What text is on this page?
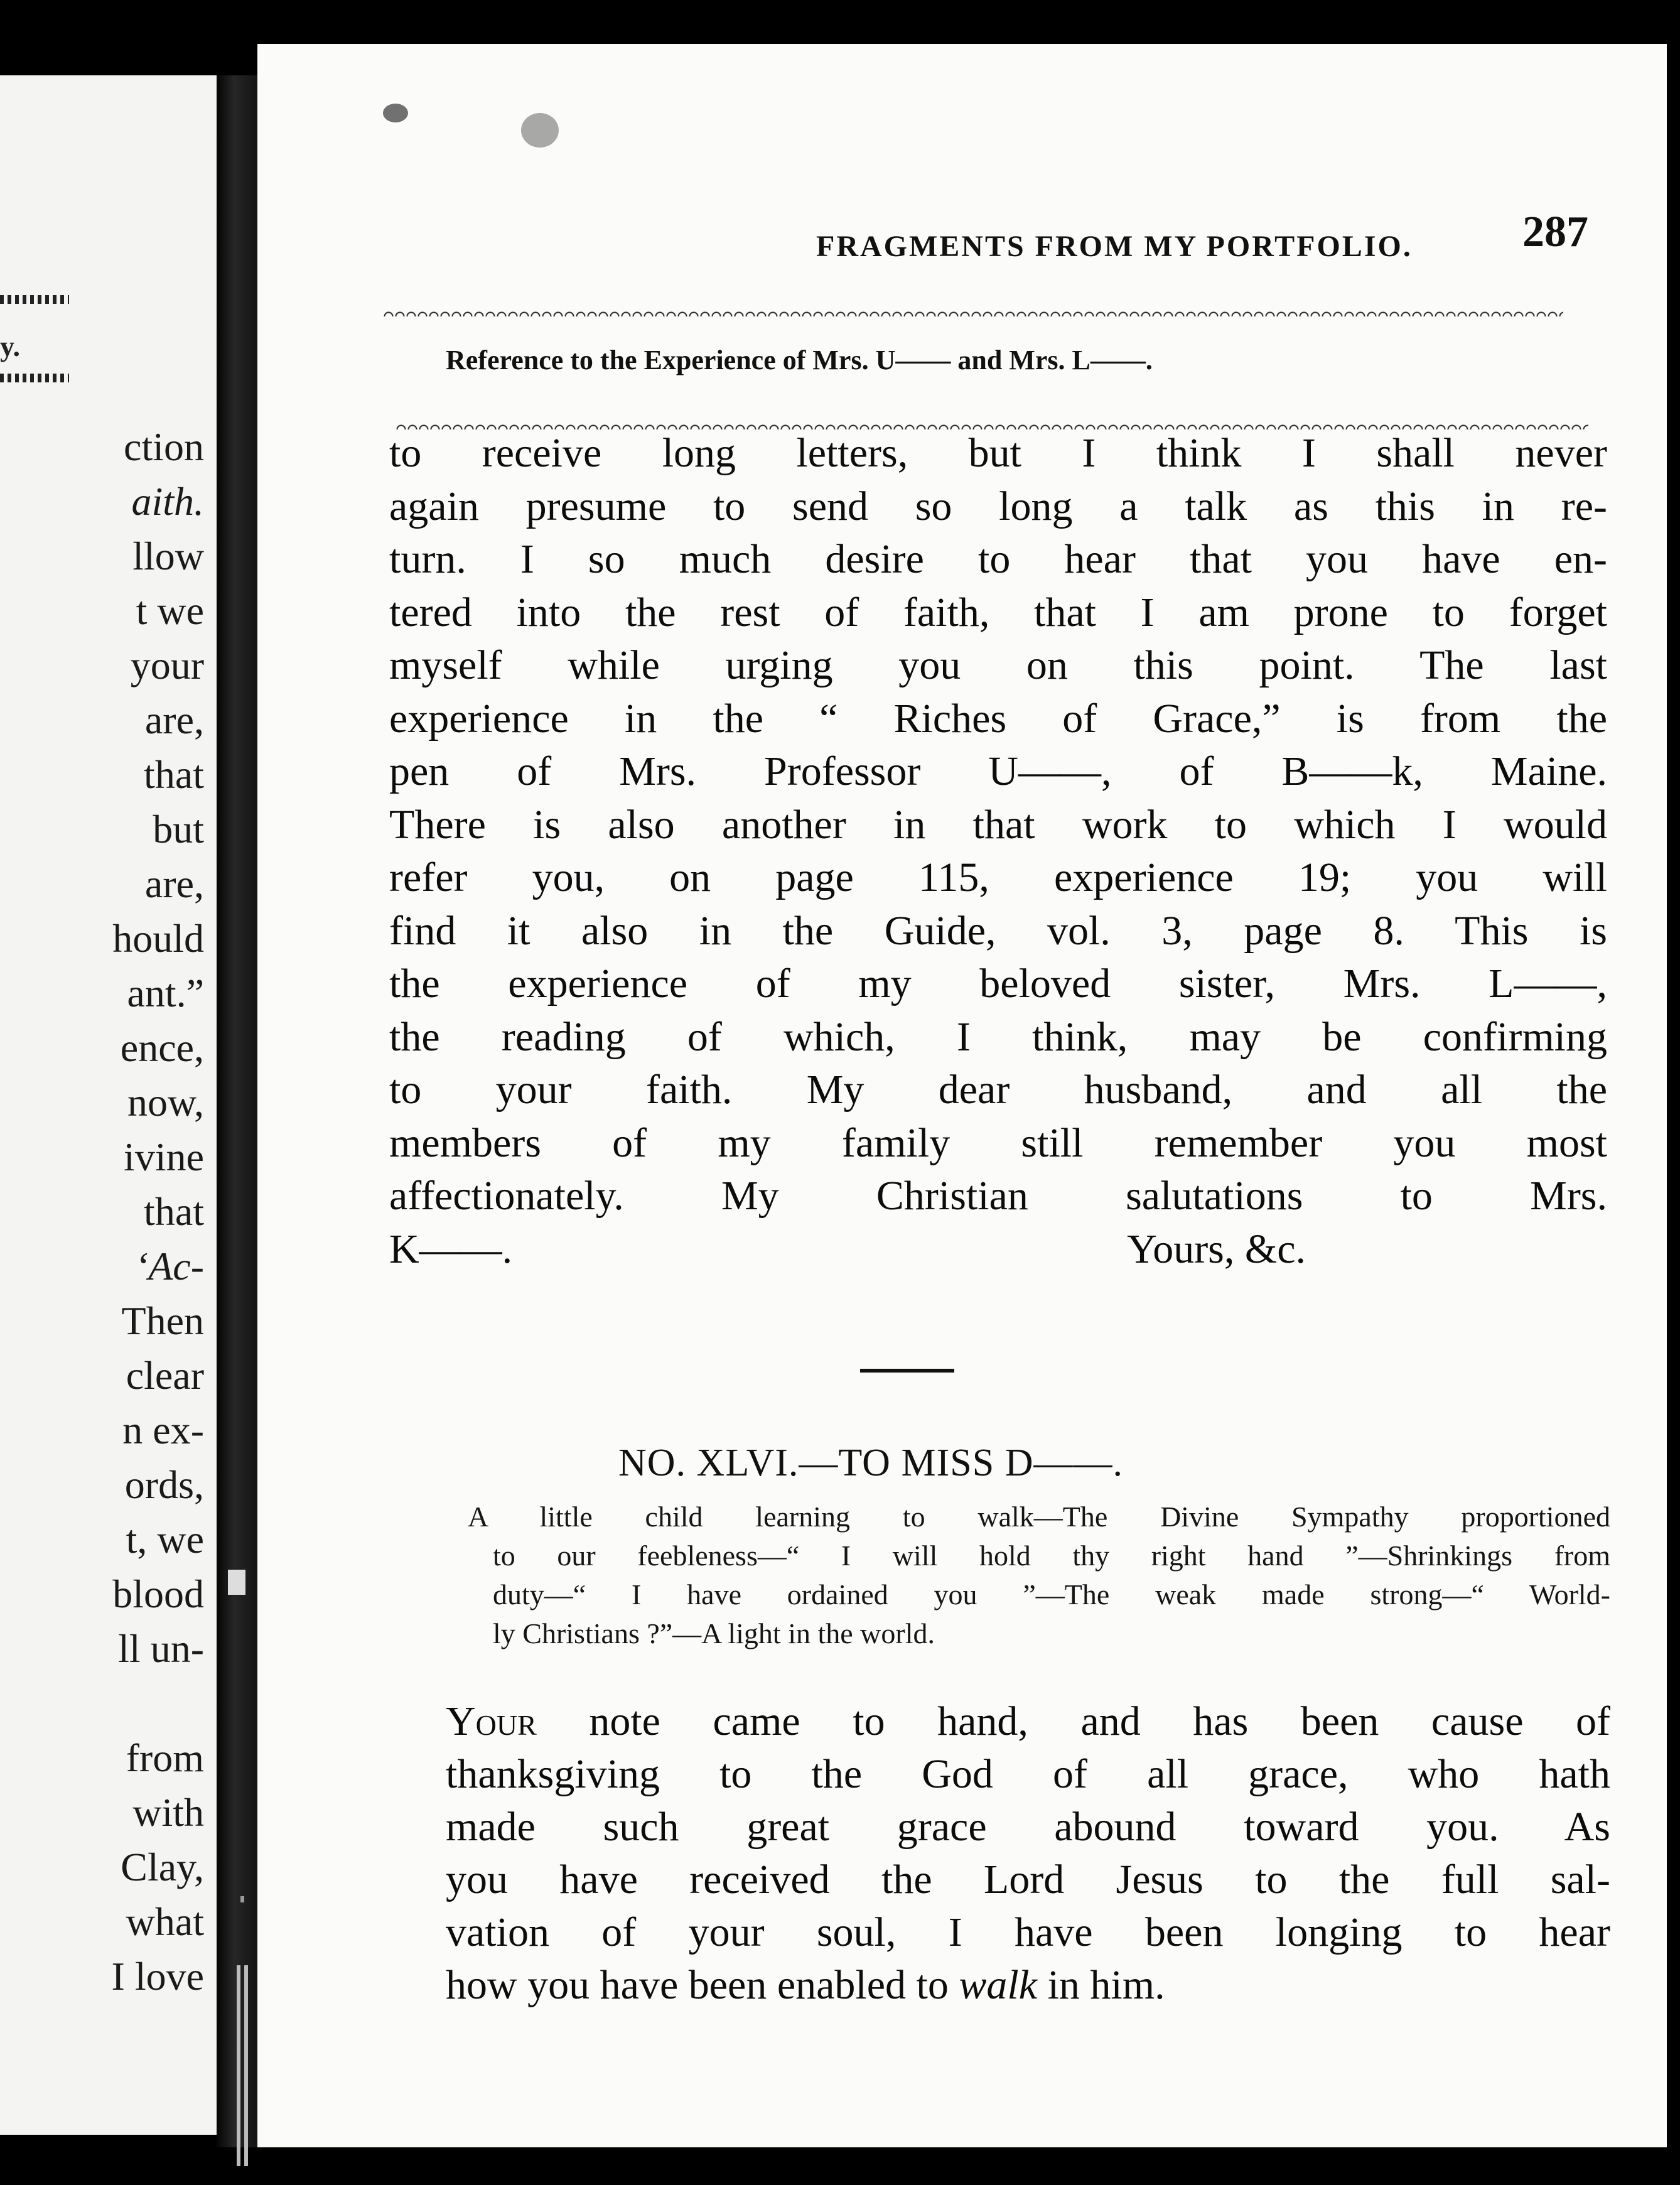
y.
ction
aith.
llow
t we
your
are,
that
but
are,
hould
ant.”
ence,
now,
ivine
that
‘Ac-
Then
clear
n ex-
ords,
t, we
blood
ll un-
from
with
Clay,
what
I love
FRAGMENTS FROM MY PORTFOLIO.	287
Reference to the Experience of Mrs. U—— and Mrs. L——.
to receive long letters, but I think I shall never
again presume to send so long a talk as this in re-
turn. I so much desire to hear that you have en-
tered into the rest of faith, that I am prone to forget
myself while urging you on this point. The last
experience in the “ Riches of Grace,” is from the
pen of Mrs. Professor U——, of B——k, Maine.
There is also another in that work to which I would
refer you, on page 115, experience 19; you will
find it also in the Guide, vol. 3, page 8. This is
the experience of my beloved sister, Mrs. L——,
the reading of which, I think, may be confirming
to your faith. My dear husband, and all the
members of my family still remember you most
affectionately. My Christian salutations to Mrs.
K——.	Yours, &c.
NO. XLVI.—TO MISS D——.
A little child learning to walk—The Divine Sympathy proportioned
to our feebleness—“ I will hold thy right hand ”—Shrinkings from
duty—“ I have ordained you ”—The weak made strong—“ World-
ly Christians ?”—A light in the world.
Your note came to hand, and has been cause of
thanksgiving to the God of all grace, who hath
made such great grace abound toward you. As
you have received the Lord Jesus to the full sal-
vation of your soul, I have been longing to hear
how you have been enabled to walk in him.
